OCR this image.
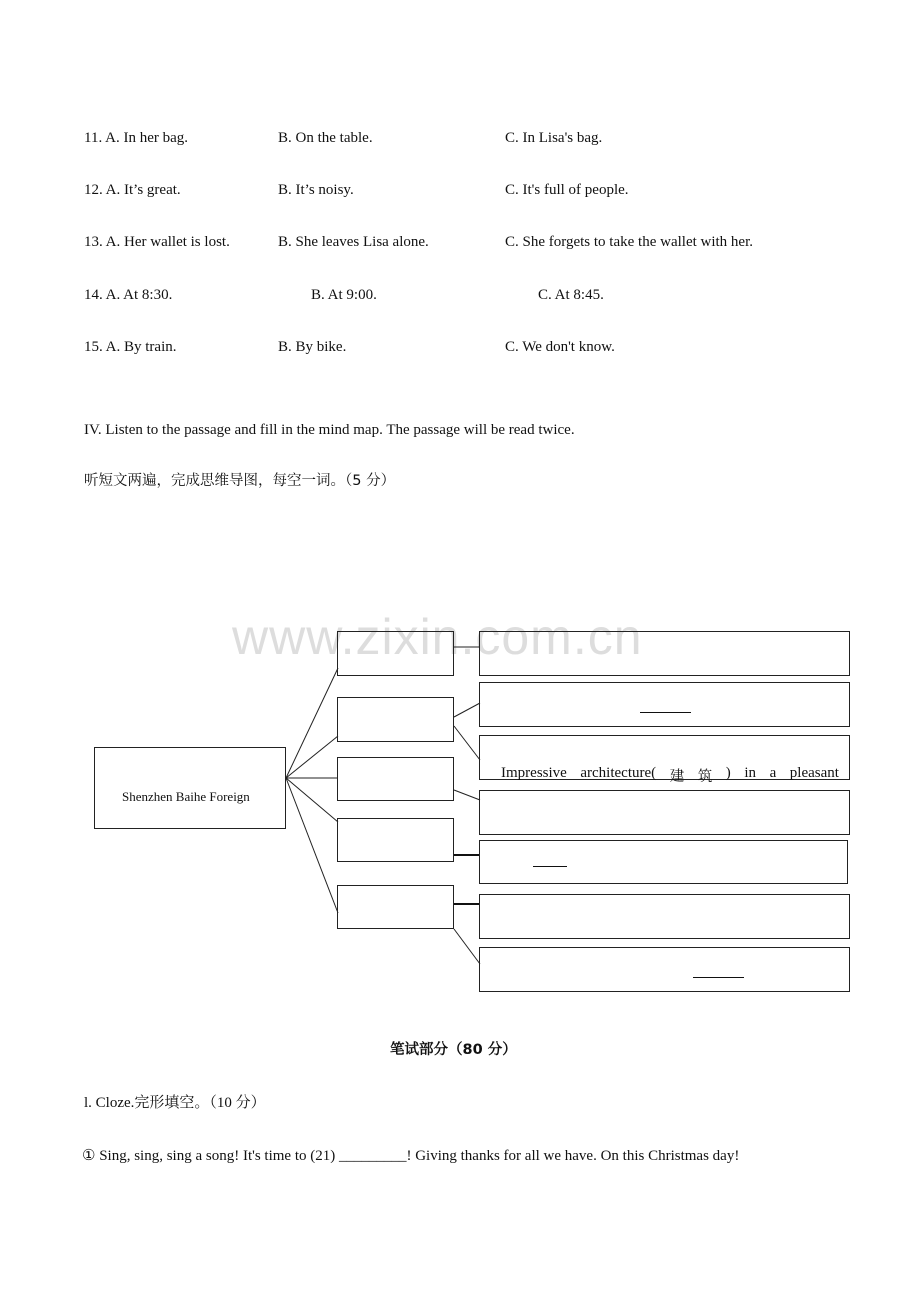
11. A. In her bag.	B. On the table.	C. In Lisa's bag.
12. A. It’s great.	B. It’s noisy.	C. It's full of people.
13. A. Her wallet is lost.	B. She leaves Lisa alone.	C. She forgets to take the wallet with her.
14. A. At 8:30.	B. At 9:00.	C. At 8:45.
15. A. By train.	B. By bike.	C. We don't know.
IV. Listen to the passage and fill in the mind map. The passage will be read twice.
听短文两遍，完成思维导图，每空一词。（5 分）
www.zixin.com.cn
Shenzhen Baihe Foreign
Impressive architecture( 建 筑 ) in a pleasant
笔试部分（80 分）
l. Cloze.完形填空。（10 分）
① Sing, sing, sing a song! It's time to (21) _________! Giving thanks for all we have. On this Christmas day!
